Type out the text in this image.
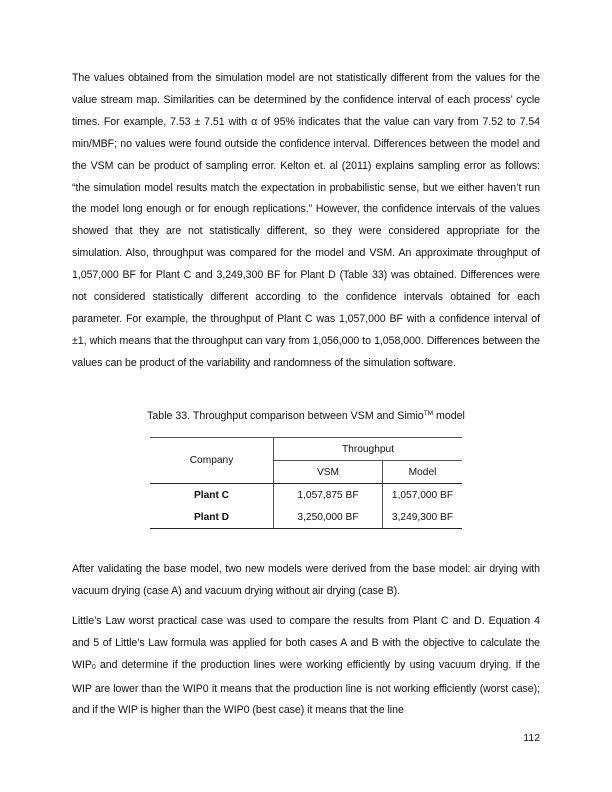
The values obtained from the simulation model are not statistically different from the values for the value stream map. Similarities can be determined by the confidence interval of each process’ cycle times. For example, 7.53 ± 7.51 with α of 95% indicates that the value can vary from 7.52 to 7.54 min/MBF; no values were found outside the confidence interval. Differences between the model and the VSM can be product of sampling error. Kelton et. al (2011) explains sampling error as follows: “the simulation model results match the expectation in probabilistic sense, but we either haven’t run the model long enough or for enough replications.” However, the confidence intervals of the values showed that they are not statistically different, so they were considered appropriate for the simulation. Also, throughput was compared for the model and VSM. An approximate throughput of 1,057,000 BF for Plant C and 3,249,300 BF for Plant D (Table 33) was obtained. Differences were not considered statistically different according to the confidence intervals obtained for each parameter. For example, the throughput of Plant C was 1,057,000 BF with a confidence interval of ±1, which means that the throughput can vary from 1,056,000 to 1,058,000. Differences between the values can be product of the variability and randomness of the simulation software.

Table 33. Throughput comparison between VSM and Simio™ model
Company	Throughput	
	VSM	Model
Plant C	1,057,875 BF	1,057,000 BF
Plant D	3,250,000 BF	3,249,300 BF

After validating the base model, two new models were derived from the base model: air drying with vacuum drying (case A) and vacuum drying without air drying (case B).

Little’s Law worst practical case was used to compare the results from Plant C and D. Equation 4 and 5 of Little’s Law formula was applied for both cases A and B with the objective to calculate the WIP0 and determine if the production lines were working efficiently by using vacuum drying. If the WIP are lower than the WIP0 it means that the production line is not working efficiently (worst case); and if the WIP is higher than the WIP0 (best case) it means that the line

112
